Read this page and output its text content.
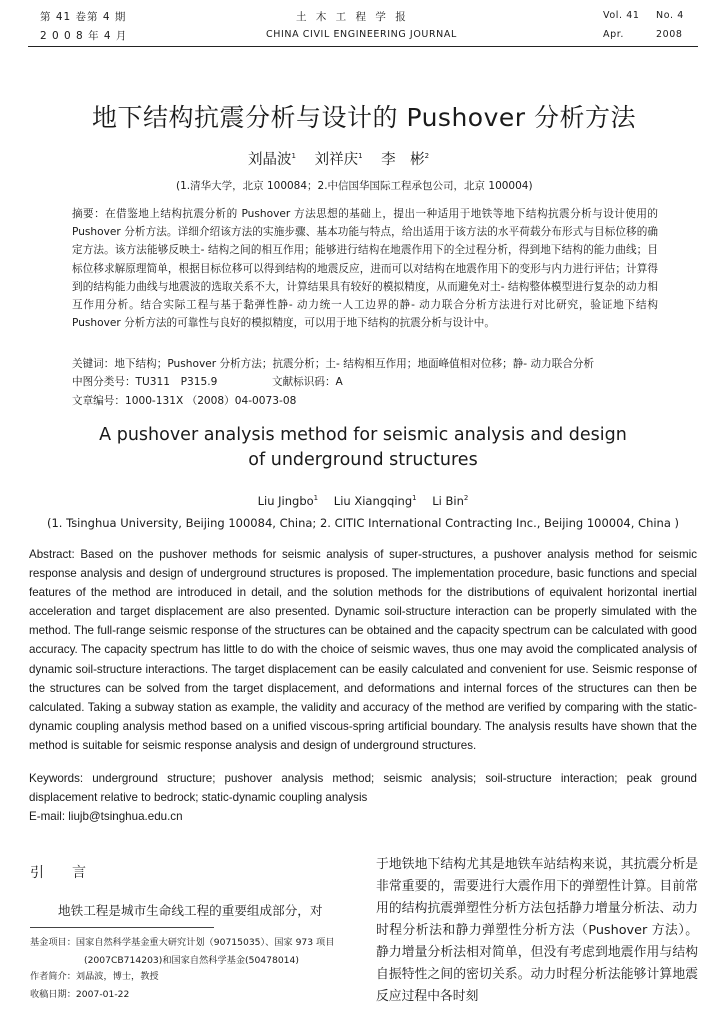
第 41 卷第 4 期
2 0 0 8 年 4 月
土 木 工 程 学 报
CHINA CIVIL ENGINEERING JOURNAL
Vol. 41 No. 4
Apr.	2008
地下结构抗震分析与设计的 Pushover 分析方法
刘晶波$^1$ 刘祥庆$^1$ 李　彬$^2$
(1.清华大学，北京 100084；2.中信国华国际工程承包公司，北京 100004)
摘要：在借鉴地上结构抗震分析的 Pushover 方法思想的基础上，提出一种适用于地铁等地下结构抗震分析与设计使用的 Pushover 分析方法。详细介绍该方法的实施步骤、基本功能与特点，给出适用于该方法的水平荷载分布形式与目标位移的确定方法。该方法能够反映土- 结构之间的相互作用；能够进行结构在地震作用下的全过程分析，得到地下结构的能力曲线；目标位移求解原理简单，根据目标位移可以得到结构的地震反应，进而可以对结构在地震作用下的变形与内力进行评估；计算得到的结构能力曲线与地震波的选取关系不大，计算结果具有较好的模拟精度，从而避免对土- 结构整体模型进行复杂的动力相互作用分析。结合实际工程与基于黏弹性静- 动力统一人工边界的静- 动力联合分析方法进行对比研究，验证地下结构 Pushover 分析方法的可靠性与良好的模拟精度，可以用于地下结构的抗震分析与设计中。
关键词：地下结构；Pushover 分析方法；抗震分析；土- 结构相互作用；地面峰值相对位移；静- 动力联合分析
中图分类号：TU311　P315.9	文献标识码：A
文章编号：1000-131X （2008）04-0073-08
A pushover analysis method for seismic analysis and design
of underground structures
Liu Jingbo$^1$ Liu Xiangqing$^1$ Li Bin$^2$
(1. Tsinghua University, Beijing 100084, China; 2. CITIC International Contracting Inc., Beijing 100004, China )
Abstract: Based on the pushover methods for seismic analysis of super-structures, a pushover analysis method for seismic response analysis and design of underground structures is proposed. The implementation procedure, basic functions and special features of the method are introduced in detail, and the solution methods for the distributions of equivalent horizontal inertial acceleration and target displacement are also presented. Dynamic soil-structure interaction can be properly simulated with the method. The full-range seismic response of the structures can be obtained and the capacity spectrum can be calculated with good accuracy. The capacity spectrum has little to do with the choice of seismic waves, thus one may avoid the complicated analysis of dynamic soil-structure interactions. The target displacement can be easily calculated and convenient for use. Seismic response of the structures can be solved from the target displacement, and deformations and internal forces of the structures can then be calculated. Taking a subway station as example, the validity and accuracy of the method are verified by comparing with the static-dynamic coupling analysis method based on a unified viscous-spring artificial boundary. The analysis results have shown that the method is suitable for seismic response analysis and design of underground structures.
Keywords: underground structure; pushover analysis method; seismic analysis; soil-structure interaction; peak ground displacement relative to bedrock; static-dynamic coupling analysis
E-mail: liujb@tsinghua.edu.cn
引　　言
地铁工程是城市生命线工程的重要组成部分，对
基金项目：国家自然科学基金重大研究计划（90715035）、国家 973 项目
(2007CB714203)和国家自然科学基金(50478014)
作者简介：刘晶波，博士，教授
收稿日期：2007-01-22
于地铁地下结构尤其是地铁车站结构来说，其抗震分析是非常重要的，需要进行大震作用下的弹塑性计算。目前常用的结构抗震弹塑性分析方法包括静力增量分析法、动力时程分析法和静力弹塑性分析方法（Pushover 方法）。静力增量分析法相对简单，但没有考虑到地震作用与结构自振特性之间的密切关系。动力时程分析法能够计算地震反应过程中各时刻
